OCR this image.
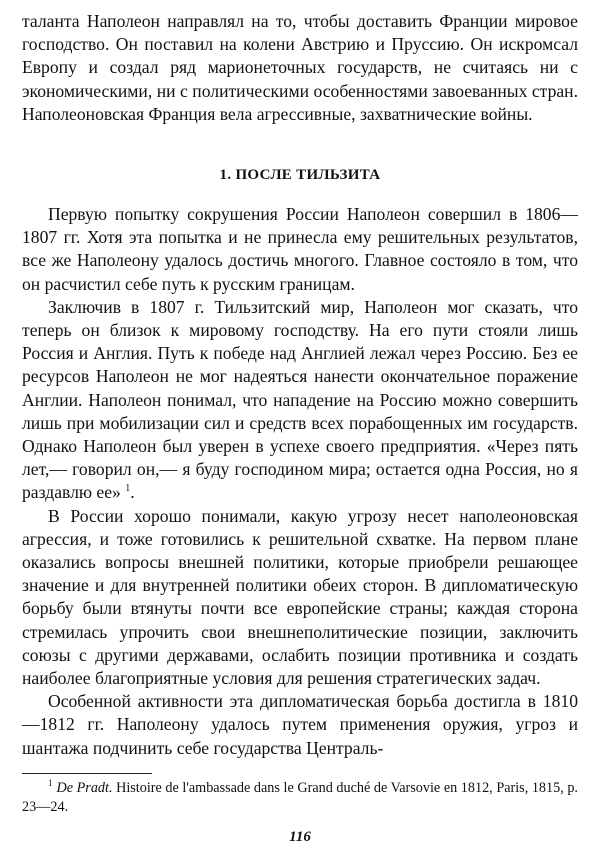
таланта Наполеон направлял на то, чтобы доставить Франции мировое господство. Он поставил на колени Австрию и Пруссию. Он искромсал Европу и создал ряд марионеточных государств, не считаясь ни с экономическими, ни с политическими особенностями завоеванных стран. Наполеоновская Франция вела агрессивные, захватнические войны.

1. ПОСЛЕ ТИЛЬЗИТА

Первую попытку сокрушения России Наполеон совершил в 1806—1807 гг. Хотя эта попытка и не принесла ему решительных результатов, все же Наполеону удалось достичь многого. Главное состояло в том, что он расчистил себе путь к русским границам.

Заключив в 1807 г. Тильзитский мир, Наполеон мог сказать, что теперь он близок к мировому господству. На его пути стояли лишь Россия и Англия. Путь к победе над Англией лежал через Россию. Без ее ресурсов Наполеон не мог надеяться нанести окончательное поражение Англии. Наполеон понимал, что нападение на Россию можно совершить лишь при мобилизации сил и средств всех порабощенных им государств. Однако Наполеон был уверен в успехе своего предприятия. «Через пять лет,— говорил он,— я буду господином мира; остается одна Россия, но я раздавлю ее» $^1$.

В России хорошо понимали, какую угрозу несет наполеоновская агрессия, и тоже готовились к решительной схватке. На первом плане оказались вопросы внешней политики, которые приобрели решающее значение и для внутренней политики обеих сторон. В дипломатическую борьбу были втянуты почти все европейские страны; каждая сторона стремилась упрочить свои внешнеполитические позиции, заключить союзы с другими державами, ослабить позиции противника и создать наиболее благоприятные условия для решения стратегических задач.

Особенной активности эта дипломатическая борьба достигла в 1810—1812 гг. Наполеону удалось путем применения оружия, угроз и шантажа подчинить себе государства Централь-

$^1$ De Pradt. Histoire de l'ambassade dans le Grand duché de Varsovie en 1812, Paris, 1815, p. 23—24.
116
